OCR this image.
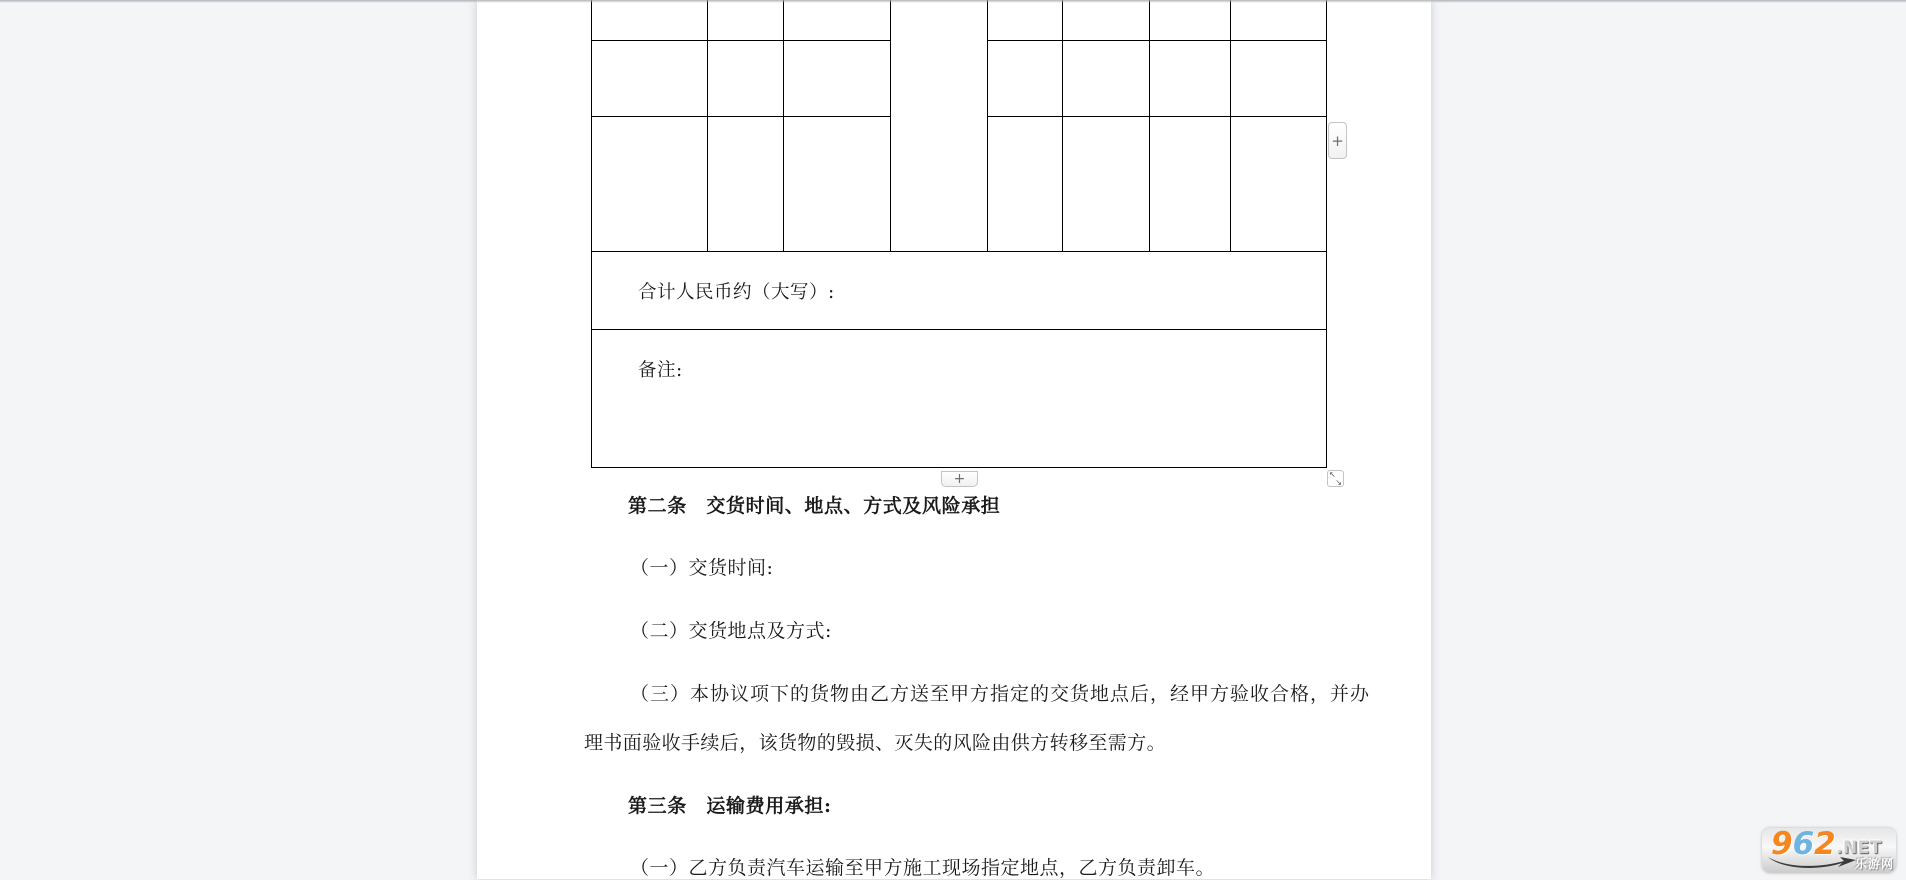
合计人民币约（大写）:
备注:
+
+	↖
↘
第二条　交货时间、地点、方式及风险承担
（一）交货时间:
（二）交货地点及方式:
（三）本协议项下的货物由乙方送至甲方指定的交货地点后，经甲方验收合格，并办
理书面验收手续后，该货物的毁损、灭失的风险由供方转移至需方。
第三条　运输费用承担:
（一）乙方负责汽车运输至甲方施工现场指定地点，乙方负责卸车。
962 .NET
乐游网
